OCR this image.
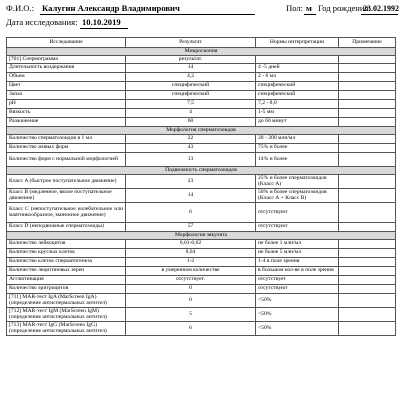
Ф.И.О.: Калугин Александр Владимирович	Пол: м Год рождения:
23.02.1992
Дата исследования: 10.10.2019
Исследование	Результат	Нормы интерпретации	Примечание
Микроскопия			
[701] Спермограмма	результат.		
Длительность воздержания	14	4 -5 дней	
Объем	4,2	2 - 6 мл	
Цвет	специфический	специфический	
Запах	специфический	специфический	
pH	7,5	7,2 - 8,0	
Вязкость	4	1-5 мм	
Разжижение	60	до 60 минут	
Морфология сперматозоидов			
Количество сперматозоидов в 1 мл	22	20 - 200 млн/мл	
Количество живых форм	43	75% и более	
Количество форм с нормальной морфологией	13	14% и более	
Подвижность сперматозоидов			
Класс A (быстрое поступательное движение)	23	25% и более сперматозоидов (Класс А)	
Класс B (медленное, вялое поступательное движение)	14	50% и более сперматозоидов (Класс А + Класс В)	
Класс C (непоступательное колебательное или маятникообразное, манежное движение)	6	отсутствуют	
Класс D (неподвижные сперматозоиды)	57	отсутствуют	
Морфология эякулята			
Количество лейкоцитов	0,01-0,02	не более 1 млн/мл	
Количество круглых клеток	0,04	не более 5 млн/мл	
Количество клеток сперматогенеза	1-2	1-4 в поле зрения	
Количество лецитиновых зерен	в умеренном количестве	в большом кол-ве в поле зрения	
Агглютинация	отсутствует.	отсутствует	
Количество эритроцитов	0	отсутствуют	
[711] MAR-тест IgA (MarScreen IgA) (определение антиспермальных антител)	0	<50%	
[712] MAR-тест IgM (MarScreen IgM) (определение антиспермальных антител)	5	<50%	
[713] MAR-тест IgG (MarScreen IgG) (определение антиспермальных антител)	6	<50%	
